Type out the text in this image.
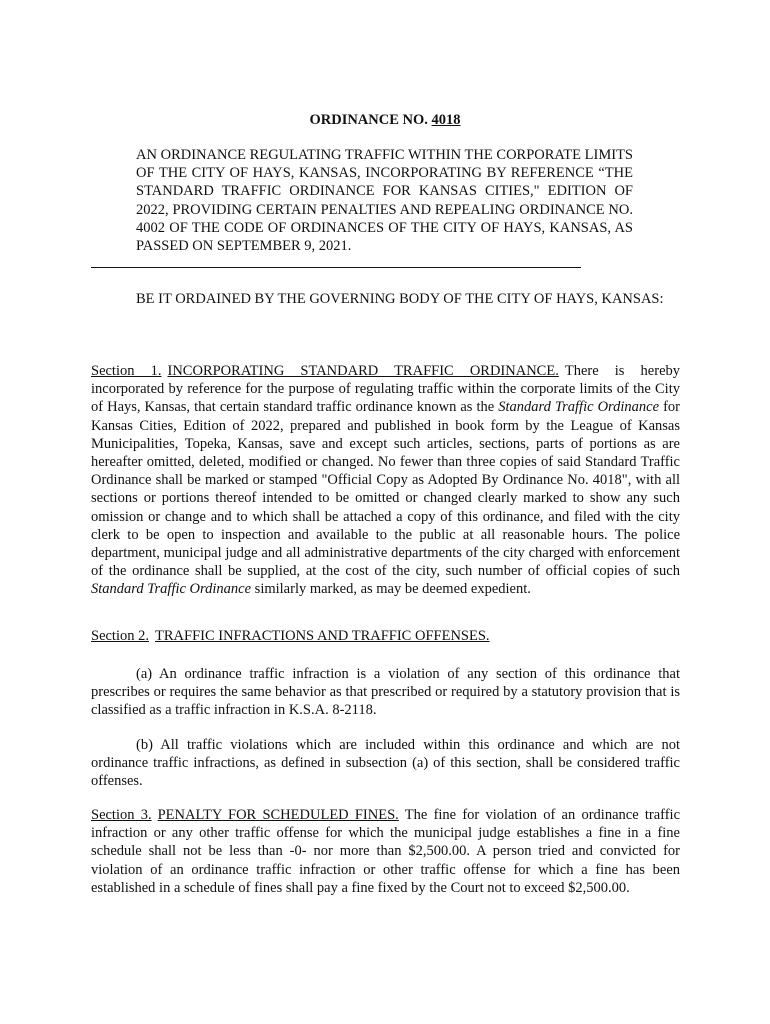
ORDINANCE NO. 4018
AN ORDINANCE REGULATING TRAFFIC WITHIN THE CORPORATE LIMITS OF THE CITY OF HAYS, KANSAS, INCORPORATING BY REFERENCE “THE STANDARD TRAFFIC ORDINANCE FOR KANSAS CITIES," EDITION OF 2022, PROVIDING CERTAIN PENALTIES AND REPEALING ORDINANCE NO. 4002 OF THE CODE OF ORDINANCES OF THE CITY OF HAYS, KANSAS, AS PASSED ON SEPTEMBER 9, 2021.
BE IT ORDAINED BY THE GOVERNING BODY OF THE CITY OF HAYS, KANSAS:
Section 1. INCORPORATING STANDARD TRAFFIC ORDINANCE. There is hereby incorporated by reference for the purpose of regulating traffic within the corporate limits of the City of Hays, Kansas, that certain standard traffic ordinance known as the Standard Traffic Ordinance for Kansas Cities, Edition of 2022, prepared and published in book form by the League of Kansas Municipalities, Topeka, Kansas, save and except such articles, sections, parts of portions as are hereafter omitted, deleted, modified or changed. No fewer than three copies of said Standard Traffic Ordinance shall be marked or stamped "Official Copy as Adopted By Ordinance No. 4018", with all sections or portions thereof intended to be omitted or changed clearly marked to show any such omission or change and to which shall be attached a copy of this ordinance, and filed with the city clerk to be open to inspection and available to the public at all reasonable hours. The police department, municipal judge and all administrative departments of the city charged with enforcement of the ordinance shall be supplied, at the cost of the city, such number of official copies of such Standard Traffic Ordinance similarly marked, as may be deemed expedient.
Section 2. TRAFFIC INFRACTIONS AND TRAFFIC OFFENSES.
(a) An ordinance traffic infraction is a violation of any section of this ordinance that prescribes or requires the same behavior as that prescribed or required by a statutory provision that is classified as a traffic infraction in K.S.A. 8-2118.
(b) All traffic violations which are included within this ordinance and which are not ordinance traffic infractions, as defined in subsection (a) of this section, shall be considered traffic offenses.
Section 3. PENALTY FOR SCHEDULED FINES. The fine for violation of an ordinance traffic infraction or any other traffic offense for which the municipal judge establishes a fine in a fine schedule shall not be less than -0- nor more than $2,500.00. A person tried and convicted for violation of an ordinance traffic infraction or other traffic offense for which a fine has been established in a schedule of fines shall pay a fine fixed by the Court not to exceed $2,500.00.
